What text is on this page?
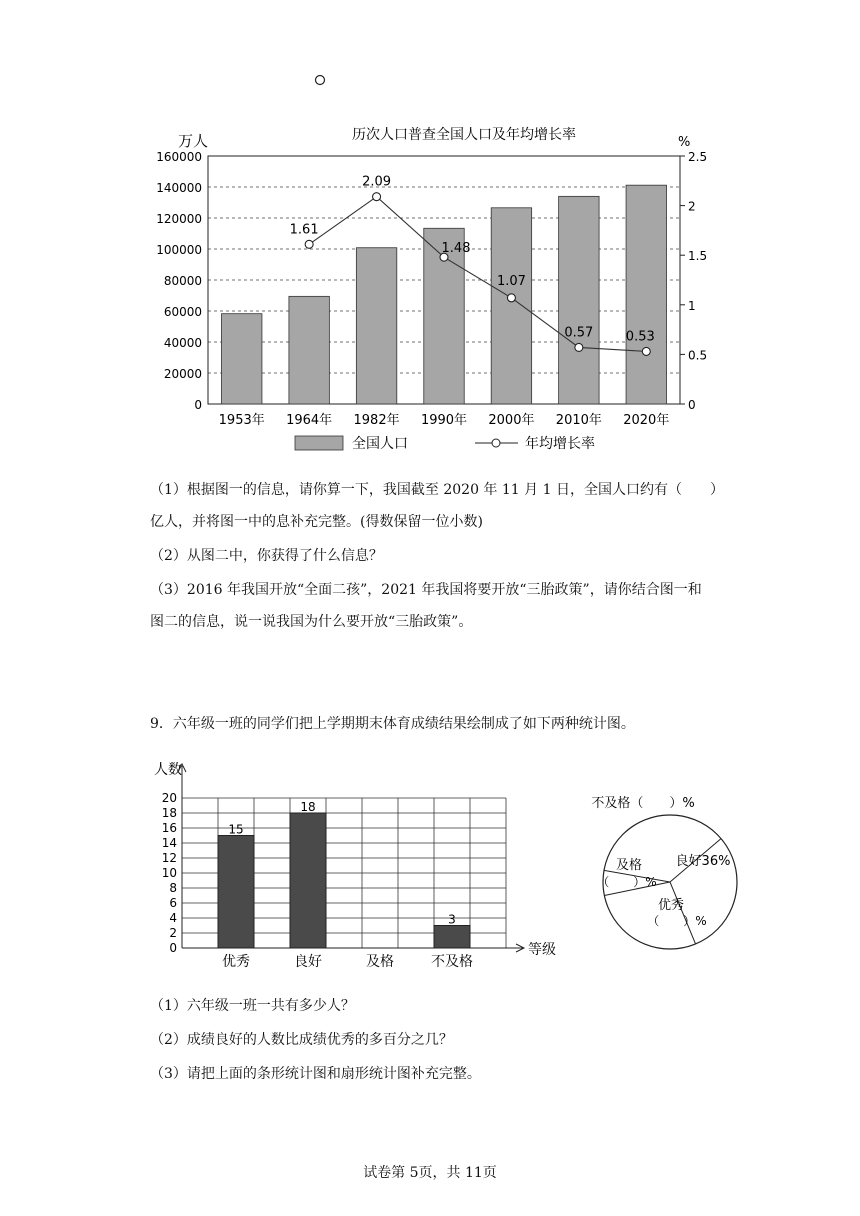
历次人口普查全国人口及年均增长率
万人	%
0
20000
40000
60000
80000
100000
120000
140000
160000
0
0.5
1
1.5
2
2.5
1953年 1964年 1982年 1990年 2000年 2010年 2020年
1.61
2.09
1.48
1.07
0.57 0.53
全国人口	年均增长率
（1）根据图一的信息，请你算一下，我国截至 2020 年 11 月 1 日，全国人口约有（　　）
亿人，并将图一中的息补充完整。(得数保留一位小数)
（2）从图二中，你获得了什么信息？
（3）2016 年我国开放“全面二孩”，2021 年我国将要开放“三胎政策”，请你结合图一和
图二的信息，说一说我国为什么要开放“三胎政策”。
9．六年级一班的同学们把上学期期末体育成绩结果绘制成了如下两种统计图。
人数
等级
0
2
4
6
8
10
12
14
16
18
20
15
优秀
18
良好	及格
3
不及格
良好36%
优秀
（　　）%
及格
（　　）%
不及格（　　）%
（1）六年级一班一共有多少人？
（2）成绩良好的人数比成绩优秀的多百分之几？
（3）请把上面的条形统计图和扇形统计图补充完整。
试卷第 5页，共 11页
